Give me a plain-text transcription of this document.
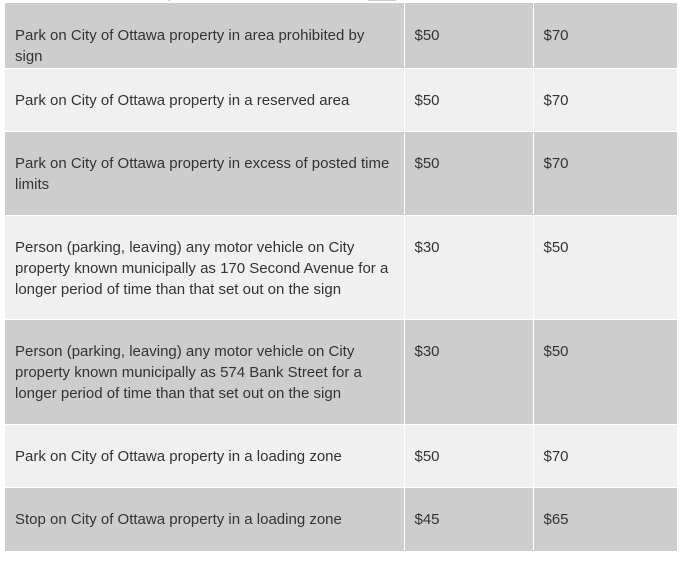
Park on City of Ottawa property in area prohibited by sign	$50	$70
Park on City of Ottawa property in a reserved area	$50	$70
Park on City of Ottawa property in excess of posted time limits	$50	$70
Person (parking, leaving) any motor vehicle on City property known municipally as 170 Second Avenue for a longer period of time than that set out on the sign	$30	$50
Person (parking, leaving) any motor vehicle on City property known municipally as 574 Bank Street for a longer period of time than that set out on the sign	$30	$50
Park on City of Ottawa property in a loading zone	$50	$70
Stop on City of Ottawa property in a loading zone	$45	$65
